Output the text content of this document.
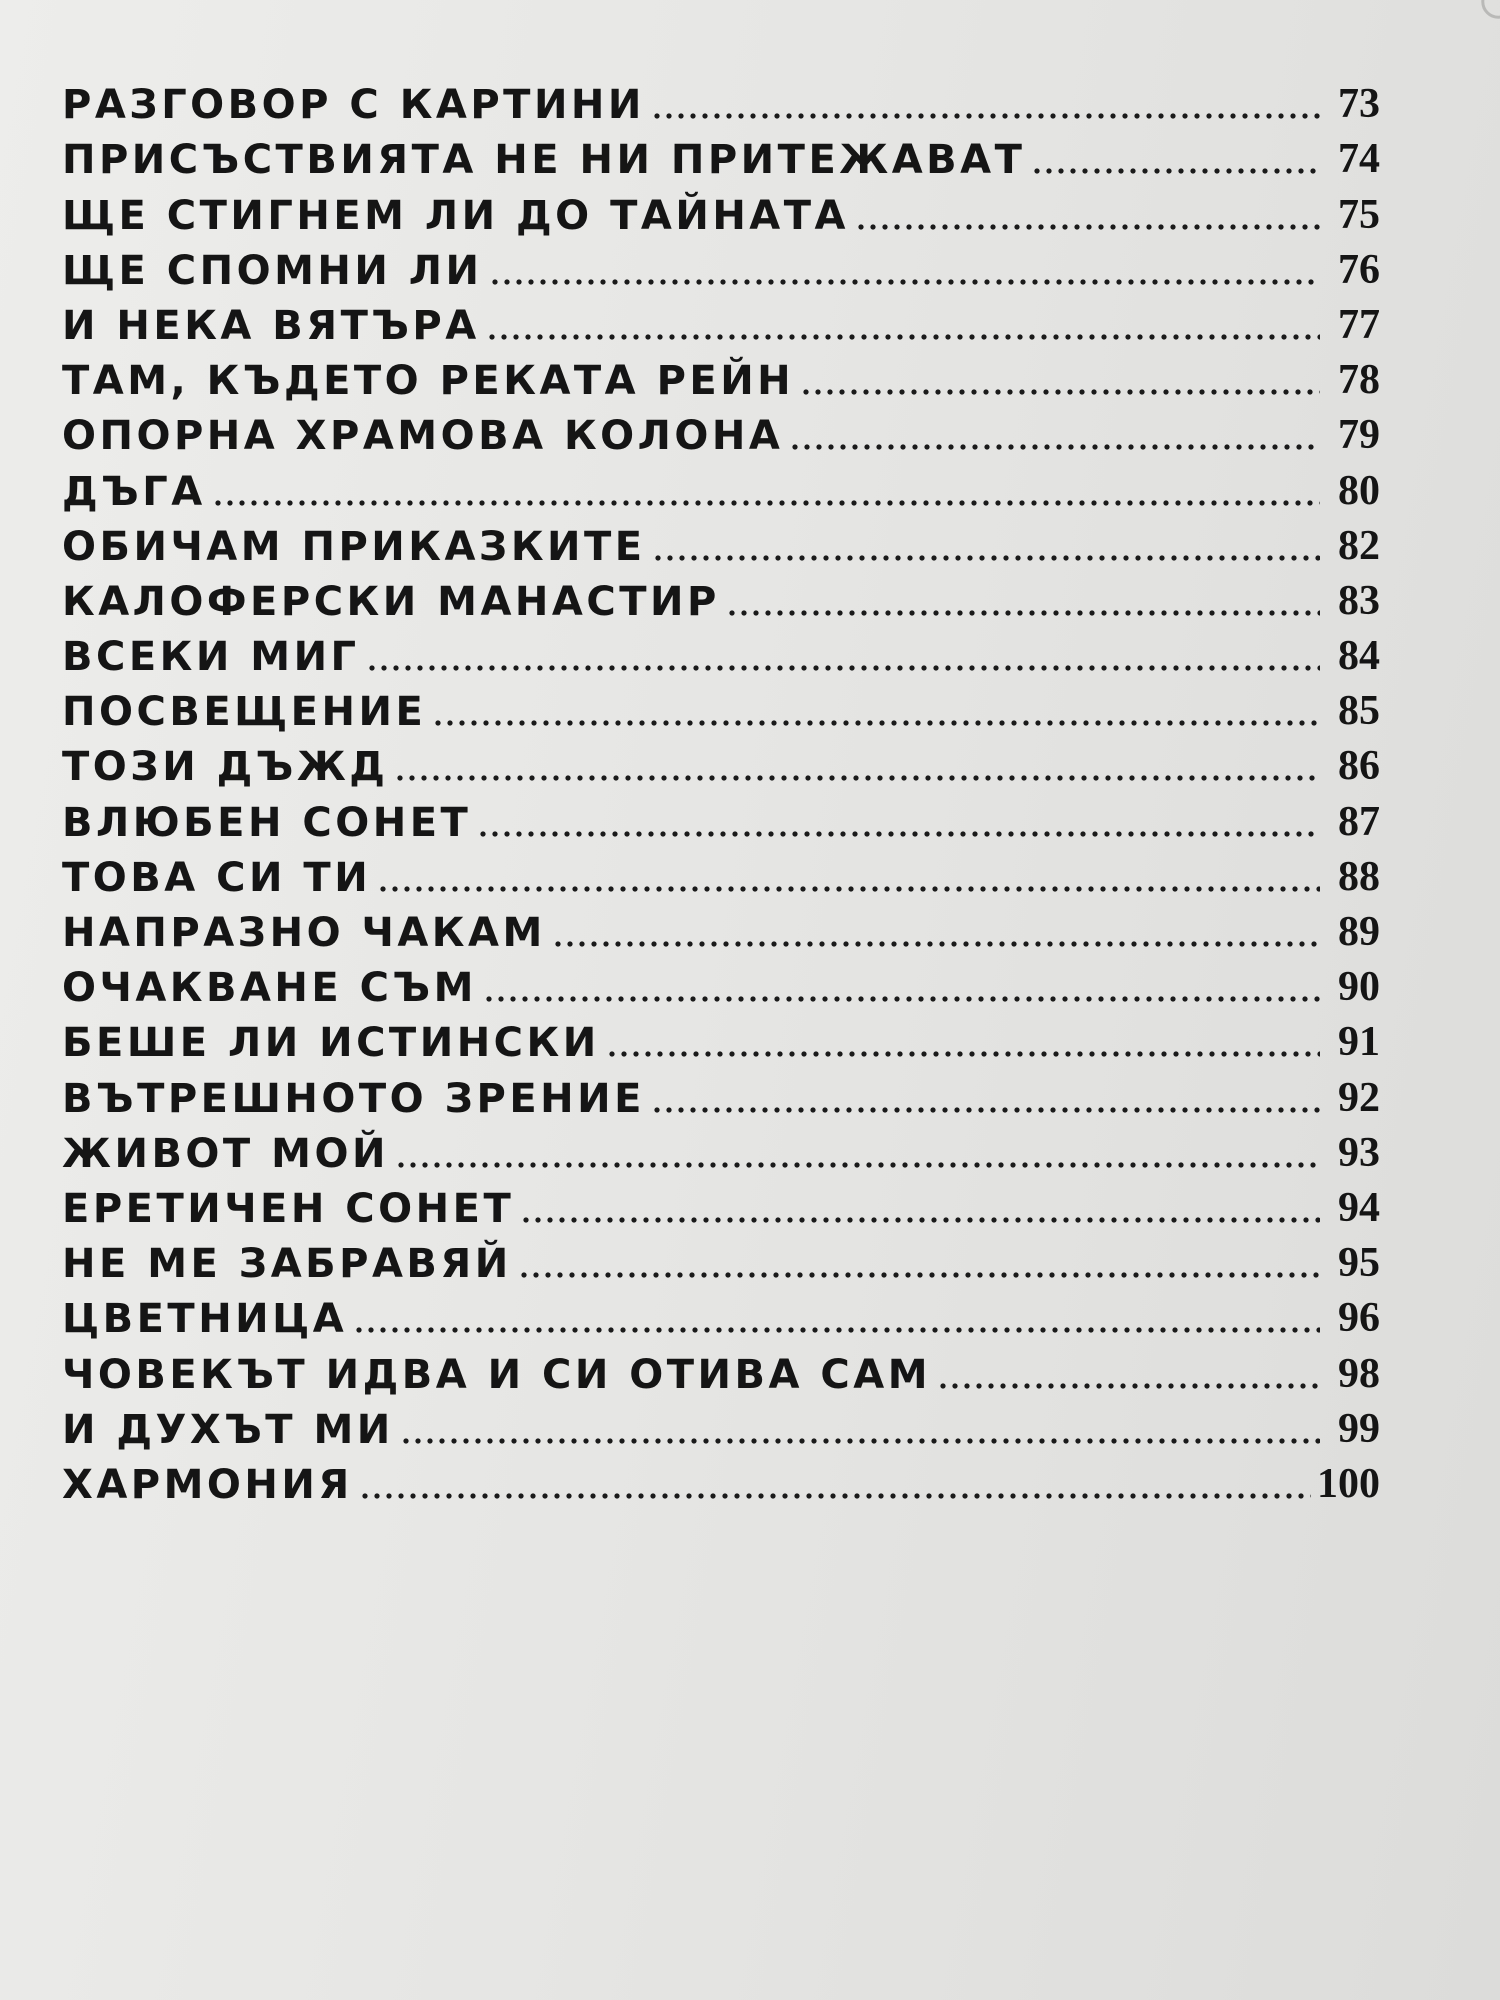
РАЗГОВОР С КАРТИНИ	73
ПРИСЪСТВИЯТА НЕ НИ ПРИТЕЖАВАТ	74
ЩЕ СТИГНЕМ ЛИ ДО ТАЙНАТА	75
ЩЕ СПОМНИ ЛИ	76
И НЕКА ВЯТЪРА	77
ТАМ, КЪДЕТО РЕКАТА РЕЙН	78
ОПОРНА ХРАМОВА КОЛОНА	79
ДЪГА	80
ОБИЧАМ ПРИКАЗКИТЕ	82
КАЛОФЕРСКИ МАНАСТИР	83
ВСЕКИ МИГ	84
ПОСВЕЩЕНИЕ	85
ТОЗИ ДЪЖД	86
ВЛЮБЕН СОНЕТ	87
ТОВА СИ ТИ	88
НАПРАЗНО ЧАКАМ	89
ОЧАКВАНЕ СЪМ	90
БЕШЕ ЛИ ИСТИНСКИ	91
ВЪТРЕШНОТО ЗРЕНИЕ	92
ЖИВОТ МОЙ	93
ЕРЕТИЧЕН СОНЕТ	94
НЕ МЕ ЗАБРАВЯЙ	95
ЦВЕТНИЦА	96
ЧОВЕКЪТ ИДВА И СИ ОТИВА САМ	98
И ДУХЪТ МИ	99
ХАРМОНИЯ	100
